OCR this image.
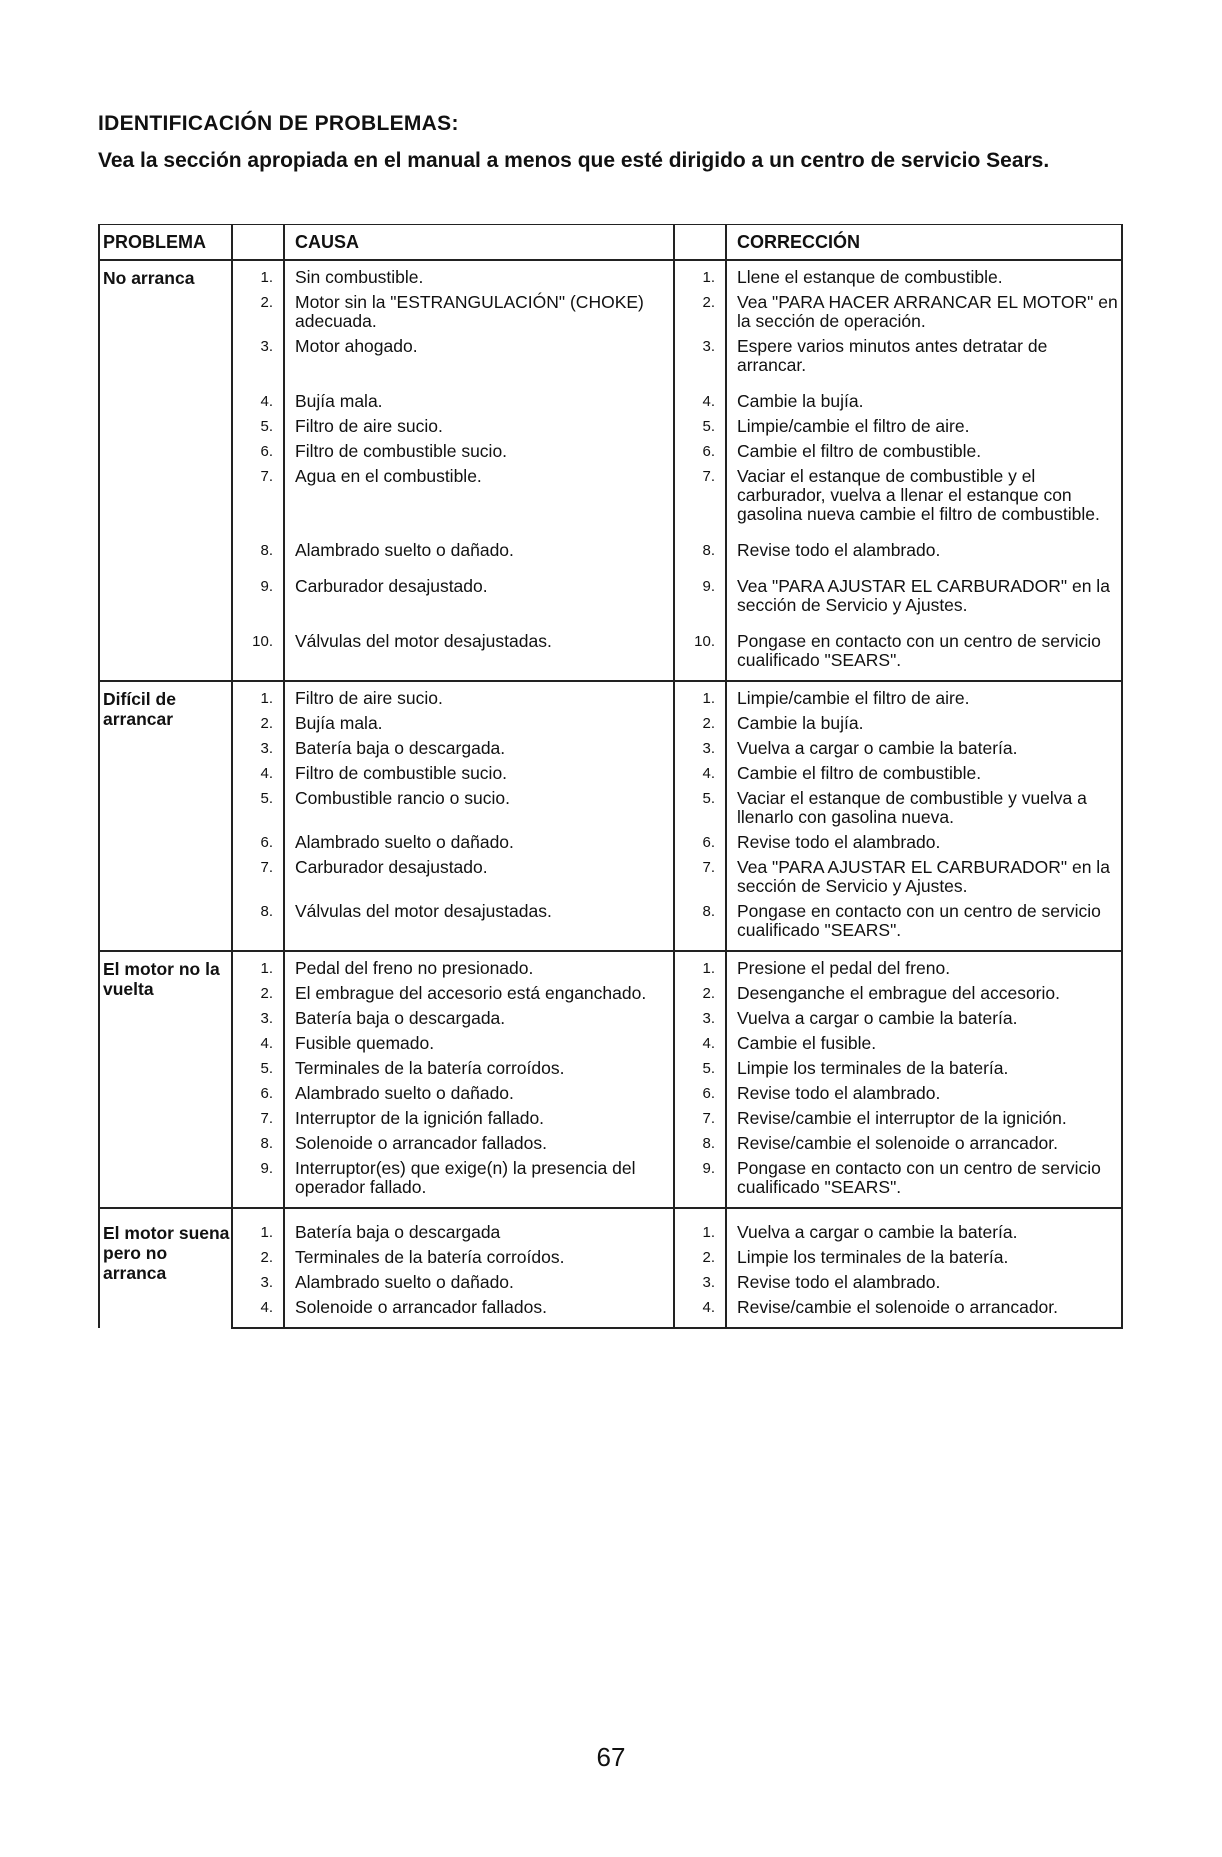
IDENTIFICACIÓN DE PROBLEMAS:
Vea la sección apropiada en el manual a menos que esté dirigido a un centro de servicio Sears.
PROBLEMA		CAUSA		CORRECCIÓN

No arranca	1.	Sin combustible.	1.	Llene el estanque de combustible.
	2.	Motor sin la "ESTRANGULACIÓN" (CHOKE) adecuada.	2.	Vea "PARA HACER ARRANCAR EL MOTOR" en la sección de operación.
	3.	Motor ahogado.	3.	Espere varios minutos antes detratar de arrancar.
	4.	Bujía mala.	4.	Cambie la bujía.
	5.	Filtro de aire sucio.	5.	Limpie/cambie el filtro de aire.
	6.	Filtro de combustible sucio.	6.	Cambie el filtro de combustible.
	7.	Agua en el combustible.	7.	Vaciar el estanque de combustible y el carburador, vuelva a llenar el estanque con gasolina nueva cambie el filtro de combustible.
	8.	Alambrado suelto o dañado.	8.	Revise todo el alambrado.
	9.	Carburador desajustado.	9.	Vea "PARA AJUSTAR EL CARBURADOR" en la sección de Servicio y Ajustes.
	10.	Válvulas del motor desajustadas.	10.	Pongase en contacto con un centro de servicio cualificado "SEARS".

Difícil de arrancar	1.	Filtro de aire sucio.	1.	Limpie/cambie el filtro de aire.
	2.	Bujía mala.	2.	Cambie la bujía.
	3.	Batería baja o descargada.	3.	Vuelva a cargar o cambie la batería.
	4.	Filtro de combustible sucio.	4.	Cambie el filtro de combustible.
	5.	Combustible rancio o sucio.	5.	Vaciar el estanque de combustible y vuelva a llenarlo con gasolina nueva.
	6.	Alambrado suelto o dañado.	6.	Revise todo el alambrado.
	7.	Carburador desajustado.	7.	Vea "PARA AJUSTAR EL CARBURADOR" en la sección de Servicio y Ajustes.
	8.	Válvulas del motor desajustadas.	8.	Pongase en contacto con un centro de servicio cualificado "SEARS".

El motor no la vuelta	1.	Pedal del freno no presionado.	1.	Presione el pedal del freno.
	2.	El embrague del accesorio está enganchado.	2.	Desenganche el embrague del accesorio.
	3.	Batería baja o descargada.	3.	Vuelva a cargar o cambie la batería.
	4.	Fusible quemado.	4.	Cambie el fusible.
	5.	Terminales de la batería corroídos.	5.	Limpie los terminales de la batería.
	6.	Alambrado suelto o dañado.	6.	Revise todo el alambrado.
	7.	Interruptor de la ignición fallado.	7.	Revise/cambie el interruptor de la ignición.
	8.	Solenoide o arrancador fallados.	8.	Revise/cambie el solenoide o arrancador.
	9.	Interruptor(es) que exige(n) la presencia del operador fallado.	9.	Pongase en contacto con un centro de servicio cualificado "SEARS".

El motor suena pero no arranca	1.	Batería baja o descargada	1.	Vuelva a cargar o cambie la batería.
	2.	Terminales de la batería corroídos.	2.	Limpie los terminales de la batería.
	3.	Alambrado suelto o dañado.	3.	Revise todo el alambrado.
	4.	Solenoide o arrancador fallados.	4.	Revise/cambie el solenoide o arrancador.
67
